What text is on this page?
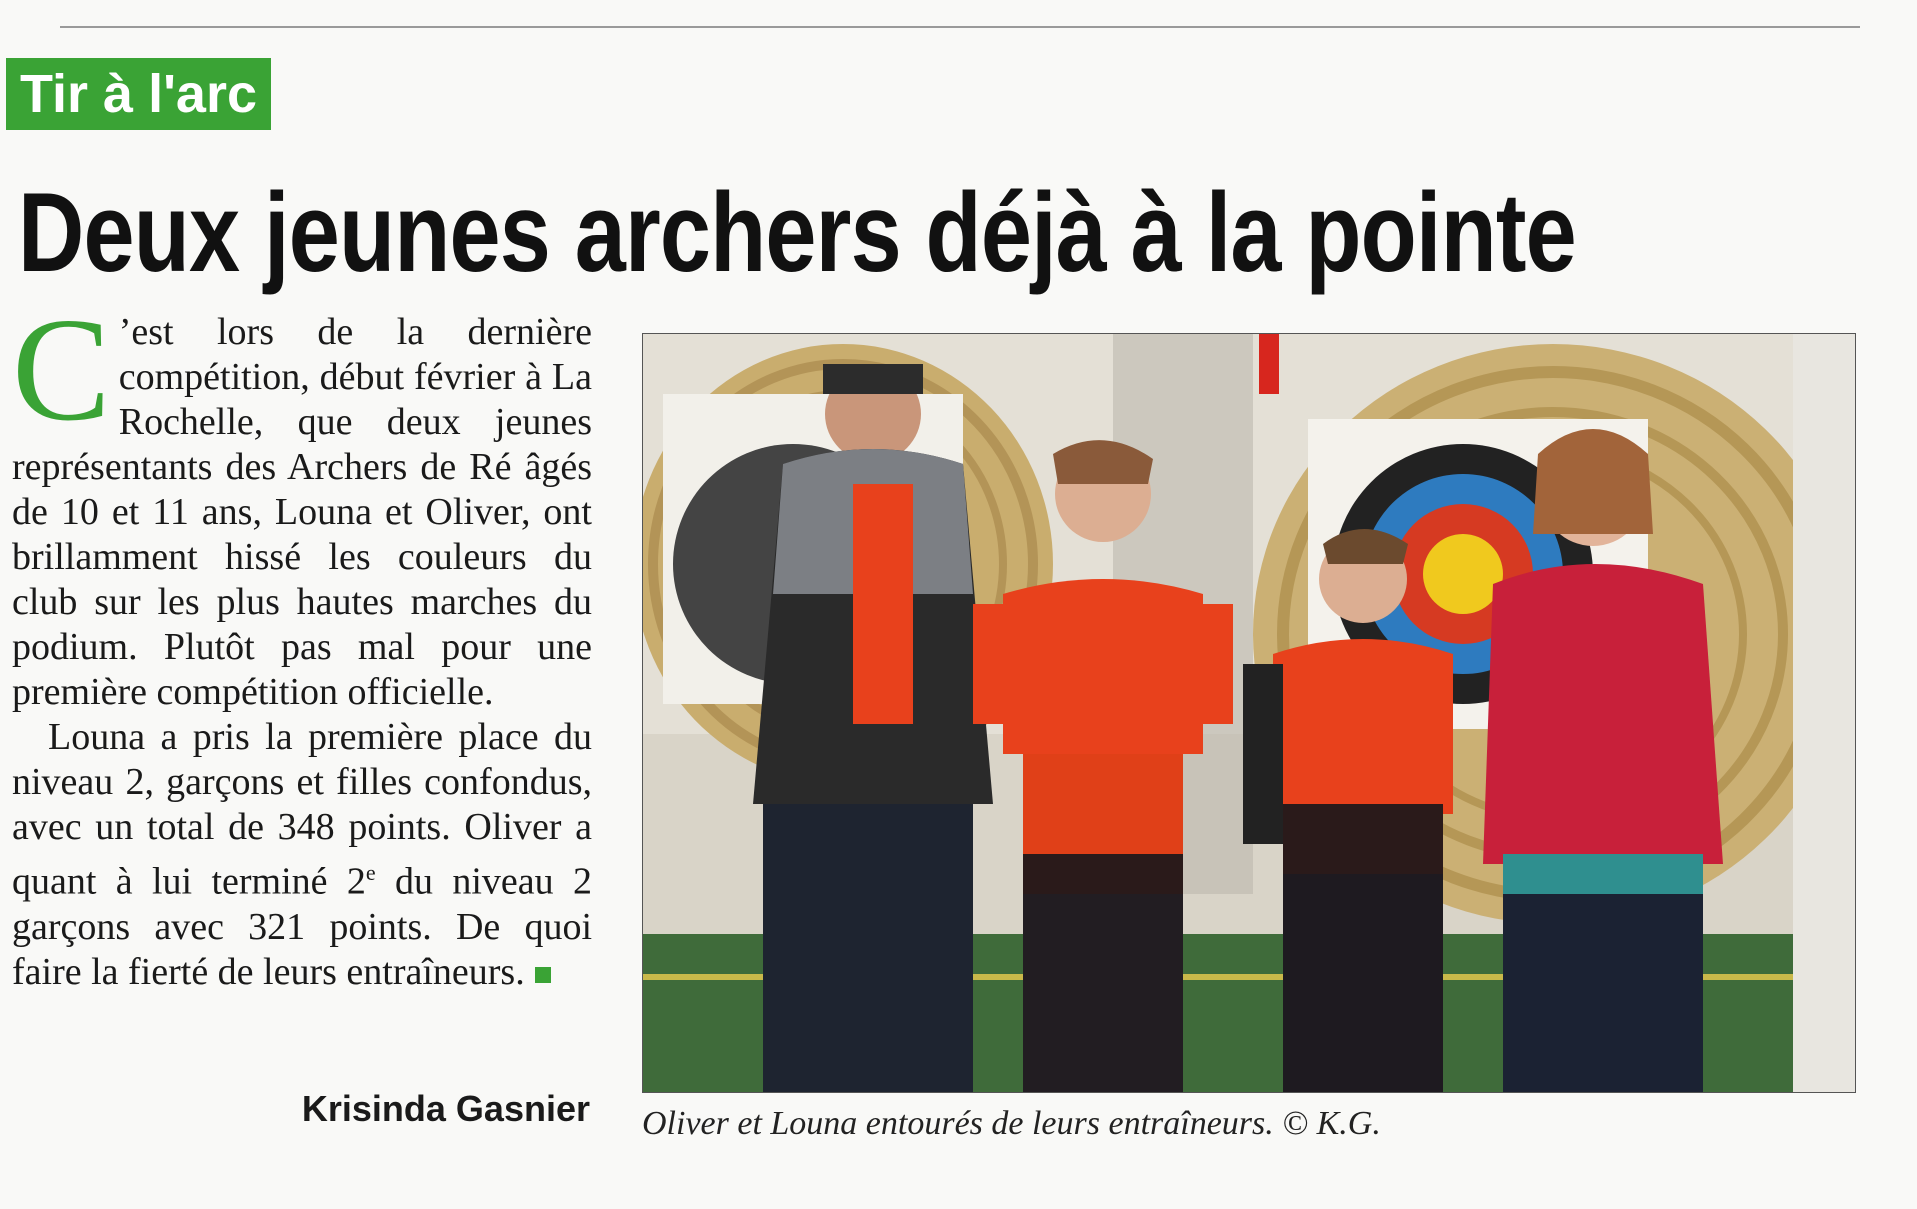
Tir à l'arc
Deux jeunes archers déjà à la pointe

C ’est lors de la dernière compétition, début février à La Rochelle, que deux jeunes représentants des Archers de Ré âgés de 10 et 11 ans, Louna et Oliver, ont brillamment hissé les couleurs du club sur les plus hautes marches du podium. Plutôt pas mal pour une première compétition officielle.

Louna a pris la première place du niveau 2, garçons et filles confondus, avec un total de 348 points. Oliver a quant à lui terminé 2e du niveau 2 garçons avec 321 points. De quoi faire la fierté de leurs entraîneurs.

Krisinda Gasnier Oliver et Louna entourés de leurs entraîneurs. © K.G.
